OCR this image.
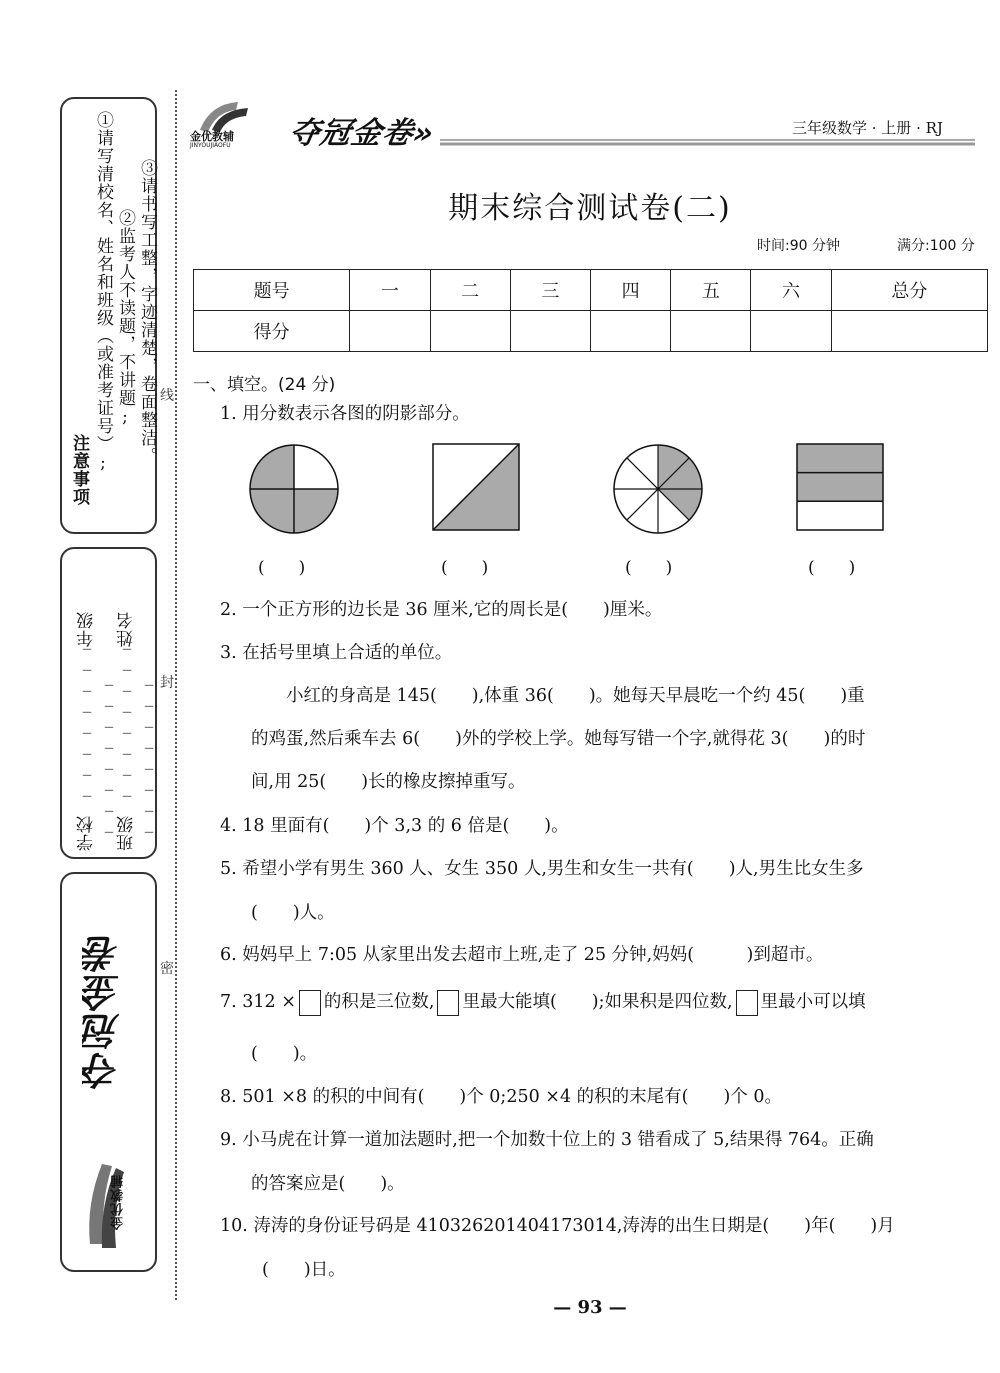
注意事项 ①请写清校名、姓名和班级（或准考证号）; ②监考人不读题，不讲题; ③请书写工整，字迹清楚，卷面整洁。
学校________年级________
班级________姓名________
夺冠金卷
金优教辅
线
封
密
金优教辅
JINYOUJIAOFU 夺冠金卷»	三年级数学 · 上册 · RJ
期末综合测试卷(二)
时间:90 分钟	满分:100 分
题号	一	二	三	四	五	六	总分
得分							
一、填空。(24 分)
1. 用分数表示各图的阴影部分。
(　　)	(　　)	(　　)	(　　)
2. 一个正方形的边长是 36 厘米,它的周长是(　　)厘米。
3. 在括号里填上合适的单位。
　　小红的身高是 145(　　),体重 36(　　)。她每天早晨吃一个约 45(　　)重
的鸡蛋,然后乘车去 6(　　)外的学校上学。她每写错一个字,就得花 3(　　)的时
间,用 25(　　)长的橡皮擦掉重写。
4. 18 里面有(　　)个 3,3 的 6 倍是(　　)。
5. 希望小学有男生 360 人、女生 350 人,男生和女生一共有(　　)人,男生比女生多
(　　)人。
6. 妈妈早上 7:05 从家里出发去超市上班,走了 25 分钟,妈妈(　　　)到超市。
7. 312 × 的积是三位数, 里最大能填(　　);如果积是四位数, 里最小可以填
(　　)。
8. 501 ×8 的积的中间有(　　)个 0;250 ×4 的积的末尾有(　　)个 0。
9. 小马虎在计算一道加法题时,把一个加数十位上的 3 错看成了 5,结果得 764。正确
的答案应是(　　)。
10. 涛涛的身份证号码是 410326201404173014,涛涛的出生日期是(　　)年(　　)月
(　　)日。
— 93 —
